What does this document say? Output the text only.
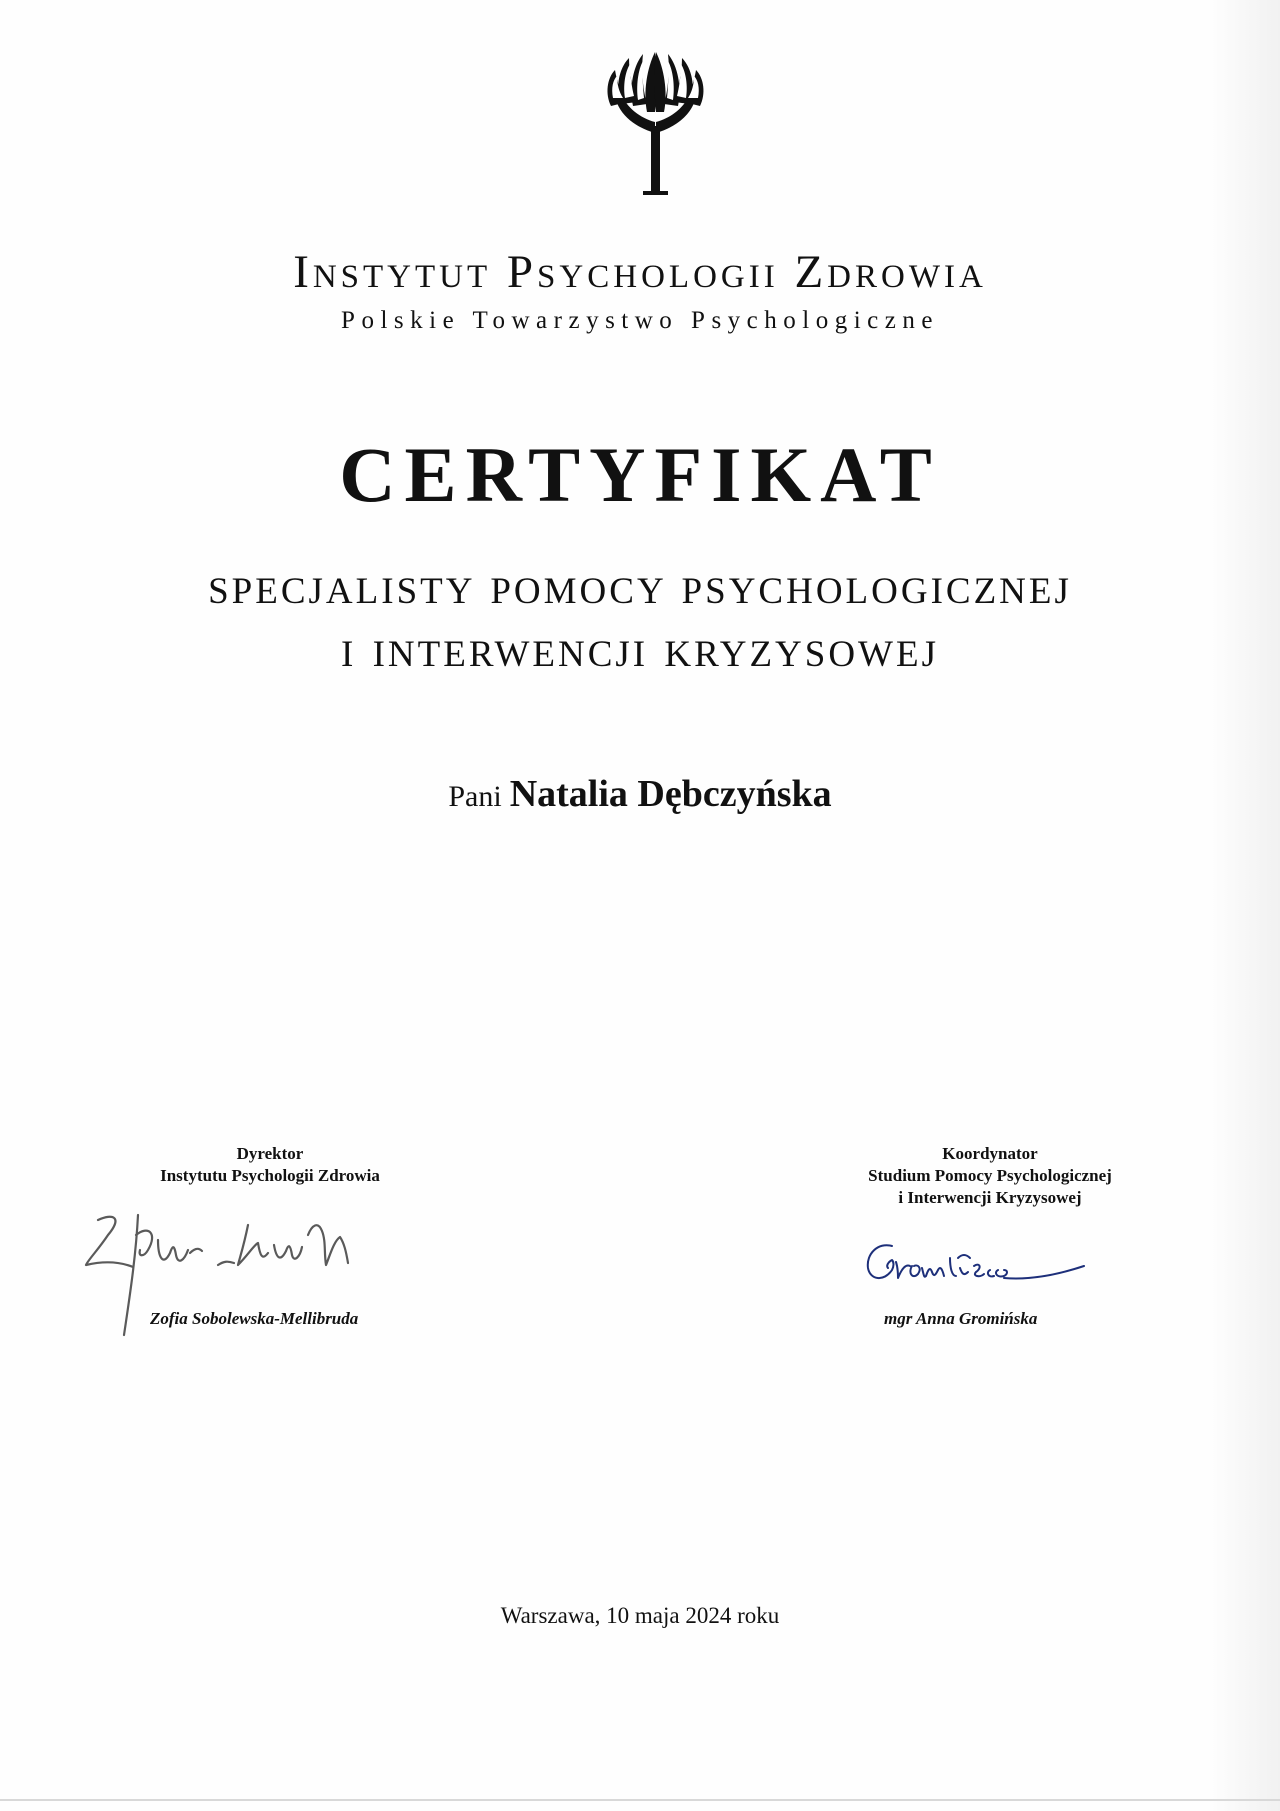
Instytut Psychologii Zdrowia
Polskie Towarzystwo Psychologiczne
CERTYFIKAT
SPECJALISTY POMOCY PSYCHOLOGICZNEJ
I INTERWENCJI KRYZYSOWEJ
Pani Natalia Dębczyńska
Dyrektor
Instytutu Psychologii Zdrowia
Zofia Sobolewska-Mellibruda
Koordynator
Studium Pomocy Psychologicznej
i Interwencji Kryzysowej
mgr Anna Gromińska
Warszawa, 10 maja 2024 roku
